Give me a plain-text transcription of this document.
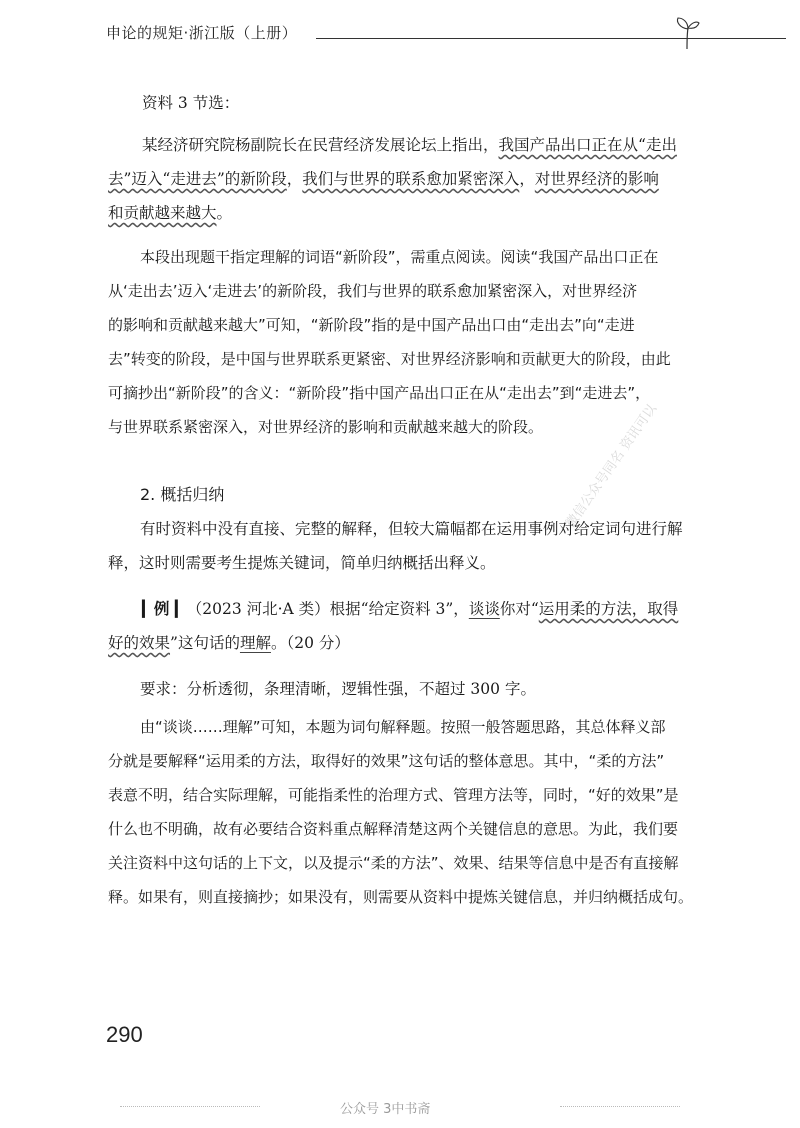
申论的规矩·浙江版（上册）
资料 3 节选：
某经济研究院杨副院长在民营经济发展论坛上指出，我国产品出口正在从“走出
去”迈入“走进去”的新阶段，我们与世界的联系愈加紧密深入，对世界经济的影响
和贡献越来越大。
本段出现题干指定理解的词语“新阶段”，需重点阅读。阅读“我国产品出口正在
从‘走出去’迈入‘走进去’的新阶段，我们与世界的联系愈加紧密深入，对世界经济
的影响和贡献越来越大”可知，“新阶段”指的是中国产品出口由“走出去”向“走进
去”转变的阶段，是中国与世界联系更紧密、对世界经济影响和贡献更大的阶段，由此
可摘抄出“新阶段”的含义：“新阶段”指中国产品出口正在从“走出去”到“走进去”，
与世界联系紧密深入，对世界经济的影响和贡献越来越大的阶段。
2. 概括归纳
有时资料中没有直接、完整的解释，但较大篇幅都在运用事例对给定词句进行解
释，这时则需要考生提炼关键词，简单归纳概括出释义。
▎例 ▎（2023 河北·A 类）根据“给定资料 3”，谈谈你对“运用柔的方法，取得
好的效果”这句话的理解。（20 分）
要求：分析透彻，条理清晰，逻辑性强，不超过 300 字。
由“谈谈……理解”可知，本题为词句解释题。按照一般答题思路，其总体释义部
分就是要解释“运用柔的方法，取得好的效果”这句话的整体意思。其中，“柔的方法”
表意不明，结合实际理解，可能指柔性的治理方式、管理方法等，同时，“好的效果”是
什么也不明确，故有必要结合资料重点解释清楚这两个关键信息的意思。为此，我们要
关注资料中这句话的上下文，以及提示“柔的方法”、效果、结果等信息中是否有直接解
释。如果有，则直接摘抄；如果没有，则需要从资料中提炼关键信息，并归纳概括成句。
微信公众号同名 资讯可以
290
公众号 3中书斋
